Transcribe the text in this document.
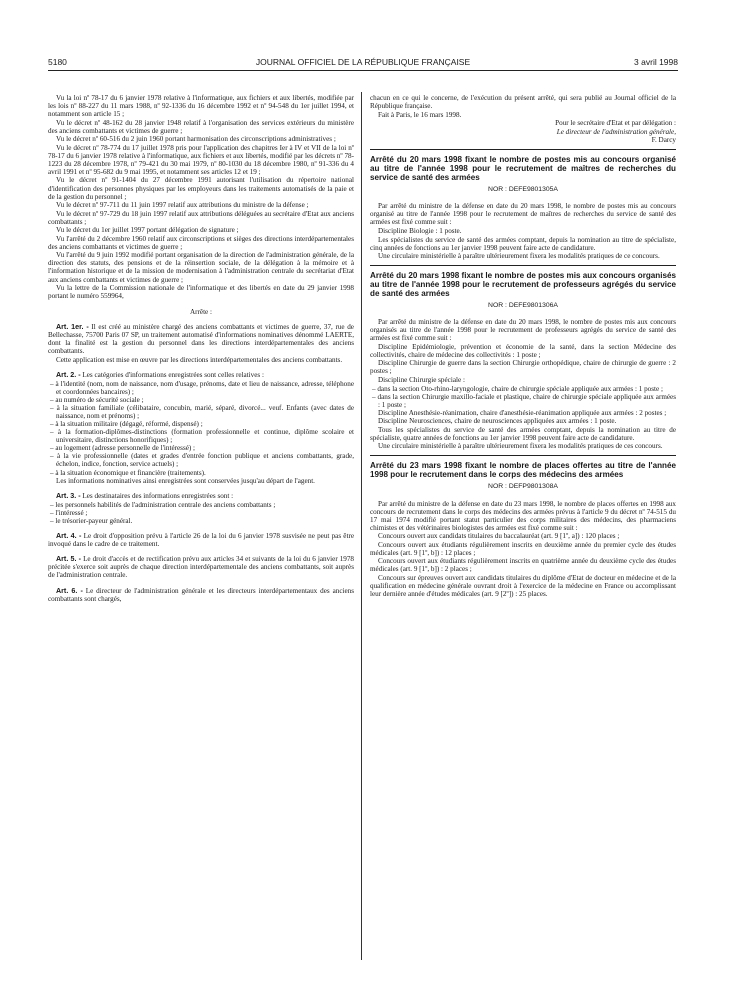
5180	JOURNAL OFFICIEL DE LA RÉPUBLIQUE FRANÇAISE	3 avril 1998

Vu la loi nº 78-17 du 6 janvier 1978 relative à l'informatique, aux fichiers et aux libertés, modifiée par les lois nº 88-227 du 11 mars 1988, nº 92-1336 du 16 décembre 1992 et nº 94-548 du 1er juillet 1994, et notamment son article 15 ;

Vu le décret nº 48-162 du 28 janvier 1948 relatif à l'organisation des services extérieurs du ministère des anciens combattants et victimes de guerre ;

Vu le décret nº 60-516 du 2 juin 1960 portant harmonisation des circonscriptions administratives ;

Vu le décret nº 78-774 du 17 juillet 1978 pris pour l'application des chapitres Ier à IV et VII de la loi nº 78-17 du 6 janvier 1978 relative à l'informatique, aux fichiers et aux libertés, modifié par les décrets nº 78-1223 du 28 décembre 1978, nº 79-421 du 30 mai 1979, nº 80-1030 du 18 décembre 1980, nº 91-336 du 4 avril 1991 et nº 95-682 du 9 mai 1995, et notamment ses articles 12 et 19 ;

Vu le décret nº 91-1404 du 27 décembre 1991 autorisant l'utilisation du répertoire national d'identification des personnes physiques par les employeurs dans les traitements automatisés de la paie et de la gestion du personnel ;

Vu le décret nº 97-711 du 11 juin 1997 relatif aux attributions du ministre de la défense ;

Vu le décret nº 97-729 du 18 juin 1997 relatif aux attributions déléguées au secrétaire d'Etat aux anciens combattants ;

Vu le décret du 1er juillet 1997 portant délégation de signature ;

Vu l'arrêté du 2 décembre 1960 relatif aux circonscriptions et sièges des directions interdépartementales des anciens combattants et victimes de guerre ;

Vu l'arrêté du 9 juin 1992 modifié portant organisation de la direction de l'administration générale, de la direction des statuts, des pensions et de la réinsertion sociale, de la délégation à la mémoire et à l'information historique et de la mission de modernisation à l'administration centrale du secrétariat d'Etat aux anciens combattants et victimes de guerre ;

Vu la lettre de la Commission nationale de l'informatique et des libertés en date du 29 janvier 1998 portant le numéro 559964,

Arrête :

Art. 1er. - Il est créé au ministère chargé des anciens combattants et victimes de guerre, 37, rue de Bellechasse, 75700 Paris 07 SP, un traitement automatisé d'informations nominatives dénommé LAERTE, dont la finalité est la gestion du personnel dans les directions interdépartementales des anciens combattants.

Cette application est mise en œuvre par les directions interdépartementales des anciens combattants.

Art. 2. - Les catégories d'informations enregistrées sont celles relatives :

– à l'identité (nom, nom de naissance, nom d'usage, prénoms, date et lieu de naissance, adresse, téléphone et coordonnées bancaires) ;
– au numéro de sécurité sociale ;
– à la situation familiale (célibataire, concubin, marié, séparé, divorcé... veuf. Enfants (avec dates de naissance, nom et prénoms) ;
– à la situation militaire (dégagé, réformé, dispensé) ;
– à la formation-diplômes-distinctions (formation professionnelle et continue, diplôme scolaire et universitaire, distinctions honorifiques) ;
– au logement (adresse personnelle de l'intéressé) ;
– à la vie professionnelle (dates et grades d'entrée fonction publique et anciens combattants, grade, échelon, indice, fonction, service actuels) ;
– à la situation économique et financière (traitements).

Les informations nominatives ainsi enregistrées sont conservées jusqu'au départ de l'agent.

Art. 3. - Les destinataires des informations enregistrées sont :

– les personnels habilités de l'administration centrale des anciens combattants ;
– l'intéressé ;
– le trésorier-payeur général.

Art. 4. - Le droit d'opposition prévu à l'article 26 de la loi du 6 janvier 1978 susvisée ne peut pas être invoqué dans le cadre de ce traitement.

Art. 5. - Le droit d'accès et de rectification prévu aux articles 34 et suivants de la loi du 6 janvier 1978 précitée s'exerce soit auprès de chaque direction interdépartementale des anciens combattants, soit auprès de l'administration centrale.

Art. 6. - Le directeur de l'administration générale et les directeurs interdépartementaux des anciens combattants sont chargés,

chacun en ce qui le concerne, de l'exécution du présent arrêté, qui sera publié au Journal officiel de la République française.

Fait à Paris, le 16 mars 1998.

Pour le secrétaire d'Etat et par délégation :

Le directeur de l'administration générale,

F. Darcy

Arrêté du 20 mars 1998 fixant le nombre de postes mis au concours organisé au titre de l'année 1998 pour le recrutement de maîtres de recherches du service de santé des armées
NOR : DEFE9801305A

Par arrêté du ministre de la défense en date du 20 mars 1998, le nombre de postes mis au concours organisé au titre de l'année 1998 pour le recrutement de maîtres de recherches du service de santé des armées est fixé comme suit :

Discipline Biologie : 1 poste.

Les spécialistes du service de santé des armées comptant, depuis la nomination au titre de spécialiste, cinq années de fonctions au 1er janvier 1998 peuvent faire acte de candidature.

Une circulaire ministérielle à paraître ultérieurement fixera les modalités pratiques de ce concours.

Arrêté du 20 mars 1998 fixant le nombre de postes mis aux concours organisés au titre de l'année 1998 pour le recrutement de professeurs agrégés du service de santé des armées
NOR : DEFE9801306A

Par arrêté du ministre de la défense en date du 20 mars 1998, le nombre de postes mis aux concours organisés au titre de l'année 1998 pour le recrutement de professeurs agrégés du service de santé des armées est fixé comme suit :

Discipline Epidémiologie, prévention et économie de la santé, dans la section Médecine des collectivités, chaire de médecine des collectivités : 1 poste ;

Discipline Chirurgie de guerre dans la section Chirurgie orthopédique, chaire de chirurgie de guerre : 2 postes ;

Discipline Chirurgie spéciale :

– dans la section Oto-rhino-laryngologie, chaire de chirurgie spéciale appliquée aux armées : 1 poste ;
– dans la section Chirurgie maxillo-faciale et plastique, chaire de chirurgie spéciale appliquée aux armées : 1 poste ;

Discipline Anesthésie-réanimation, chaire d'anesthésie-réanimation appliquée aux armées : 2 postes ;

Discipline Neurosciences, chaire de neurosciences appliquées aux armées : 1 poste.

Tous les spécialistes du service de santé des armées comptant, depuis la nomination au titre de spécialiste, quatre années de fonctions au 1er janvier 1998 peuvent faire acte de candidature.

Une circulaire ministérielle à paraître ultérieurement fixera les modalités pratiques de ces concours.

Arrêté du 23 mars 1998 fixant le nombre de places offertes au titre de l'année 1998 pour le recrutement dans le corps des médecins des armées
NOR : DEFP9801308A

Par arrêté du ministre de la défense en date du 23 mars 1998, le nombre de places offertes en 1998 aux concours de recrutement dans le corps des médecins des armées prévus à l'article 9 du décret nº 74-515 du 17 mai 1974 modifié portant statut particulier des corps militaires des médecins, des pharmaciens chimistes et des vétérinaires biologistes des armées est fixé comme suit :

Concours ouvert aux candidats titulaires du baccalauréat (art. 9 [1º, a]) : 120 places ;

Concours ouvert aux étudiants régulièrement inscrits en deuxième année du premier cycle des études médicales (art. 9 [1º, b]) : 12 places ;

Concours ouvert aux étudiants régulièrement inscrits en quatrième année du deuxième cycle des études médicales (art. 9 [1º, b]) : 2 places ;

Concours sur épreuves ouvert aux candidats titulaires du diplôme d'Etat de docteur en médecine et de la qualification en médecine générale ouvrant droit à l'exercice de la médecine en France ou accomplissant leur dernière année d'études médicales (art. 9 [2º]) : 25 places.
